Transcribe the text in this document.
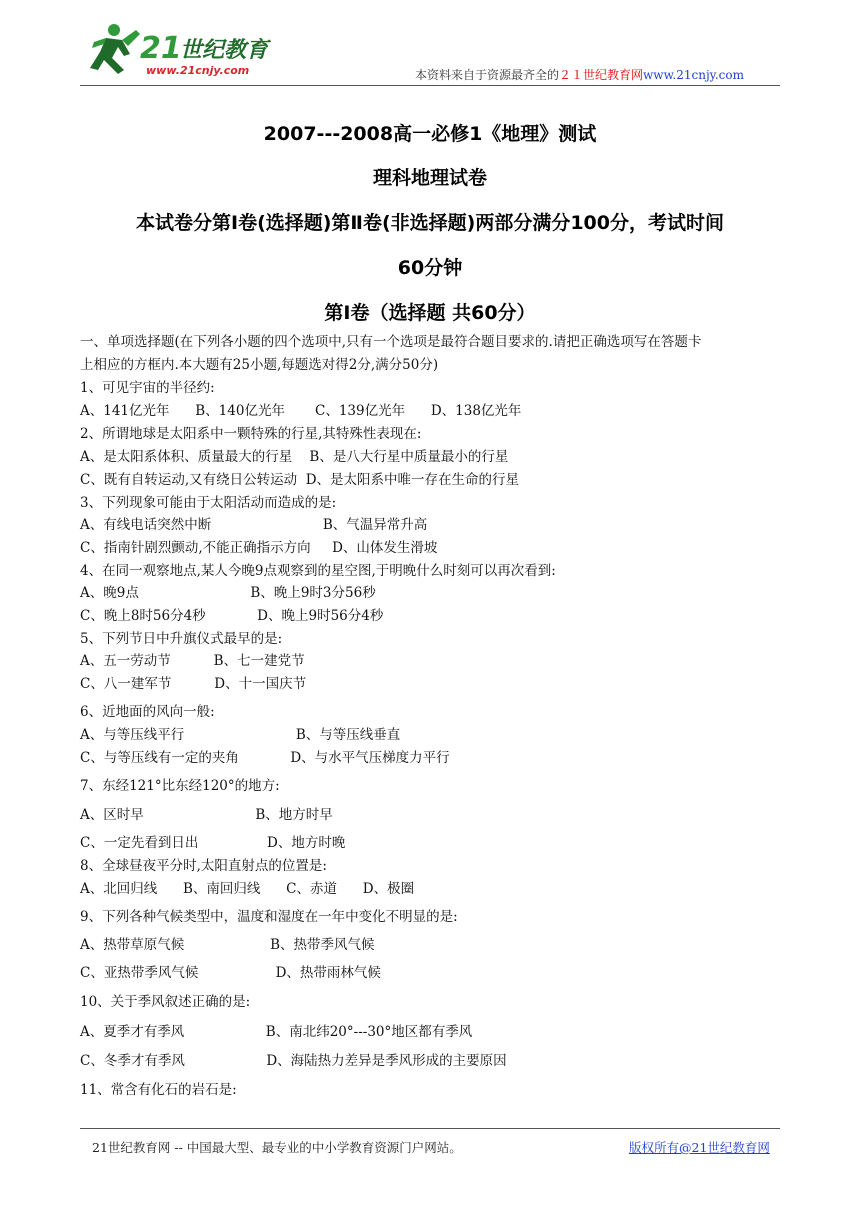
21
世纪教育
www.21cnjy.com	本资料来自于资源最齐全的２１世纪教育网www.21cnjy.com
2007---2008高一必修1《地理》测试
理科地理试卷
本试卷分第Ⅰ卷(选择题)第Ⅱ卷(非选择题)两部分满分100分，考试时间
60分钟
第Ⅰ卷（选择题 共60分）
一、单项选择题(在下列各小题的四个选项中,只有一个选项是最符合题目要求的.请把正确选项写在答题卡
上相应的方框内.本大题有25小题,每题选对得2分,满分50分)
1、可见宇宙的半径约:
A、141亿光年      B、140亿光年       C、139亿光年      D、138亿光年
2、所谓地球是太阳系中一颗特殊的行星,其特殊性表现在:
A、是太阳系体积、质量最大的行星    B、是八大行星中质量最小的行星
C、既有自转运动,又有绕日公转运动  D、是太阳系中唯一存在生命的行星
3、下列现象可能由于太阳活动而造成的是:
A、有线电话突然中断                          B、气温异常升高
C、指南针剧烈颤动,不能正确指示方向     D、山体发生滑坡
4、在同一观察地点,某人今晚9点观察到的星空图,于明晚什么时刻可以再次看到:
A、晚9点                          B、晚上9时3分56秒
C、晚上8时56分4秒            D、晚上9时56分4秒
5、下列节日中升旗仪式最早的是:
A、五一劳动节          B、七一建党节
C、八一建军节          D、十一国庆节
6、近地面的风向一般:
A、与等压线平行                          B、与等压线垂直
C、与等压线有一定的夹角            D、与水平气压梯度力平行
7、东经121°比东经120°的地方:
A、区时早                          B、地方时早
C、一定先看到日出                D、地方时晚
8、全球昼夜平分时,太阳直射点的位置是:
A、北回归线      B、南回归线      C、赤道      D、极圈
9、下列各种气候类型中，温度和湿度在一年中变化不明显的是:
A、热带草原气候                    B、热带季风气候
C、亚热带季风气候                  D、热带雨林气候
10、关于季风叙述正确的是:
A、夏季才有季风                   B、南北纬20°---30°地区都有季风
C、冬季才有季风                   D、海陆热力差异是季风形成的主要原因
11、常含有化石的岩石是:
21世纪教育网 -- 中国最大型、最专业的中小学教育资源门户网站。	版权所有@21世纪教育网
